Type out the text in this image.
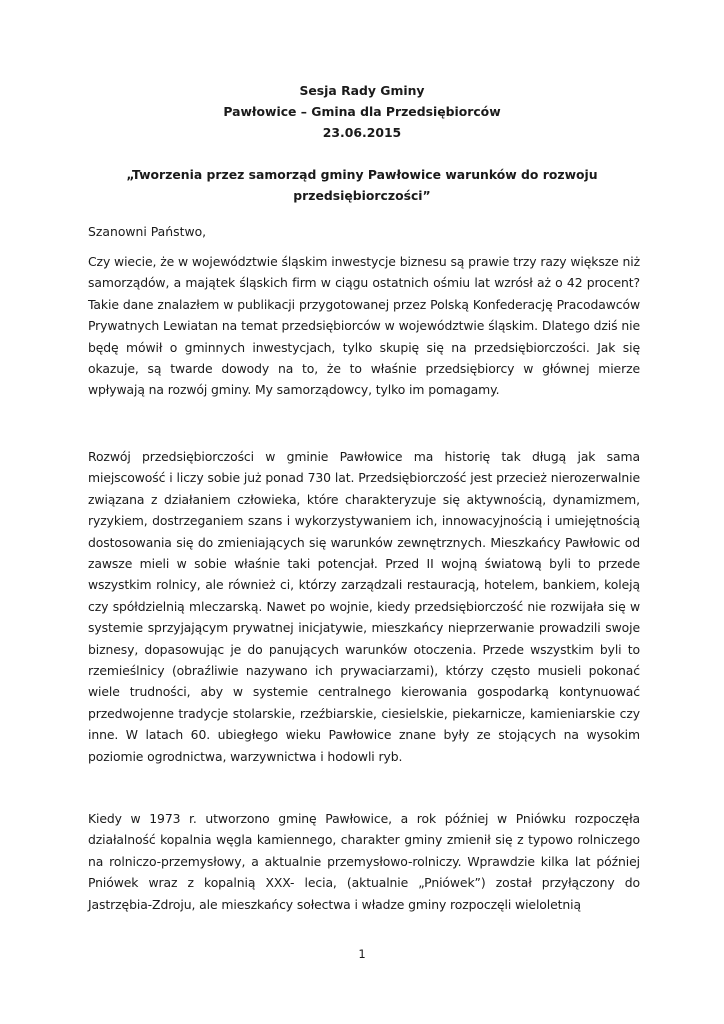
Sesja Rady Gminy
Pawłowice – Gmina dla Przedsiębiorców
23.06.2015
„Tworzenia przez samorząd gminy Pawłowice warunków do rozwoju
przedsiębiorczości”
Szanowni Państwo,

Czy wiecie, że w województwie śląskim inwestycje biznesu są prawie trzy razy większe niż samorządów, a majątek śląskich firm w ciągu ostatnich ośmiu lat wzrósł aż o 42 procent? Takie dane znalazłem w publikacji przygotowanej przez Polską Konfederację Pracodawców Prywatnych Lewiatan na temat przedsiębiorców w województwie śląskim. Dlatego dziś nie będę mówił o gminnych inwestycjach, tylko skupię się na przedsiębiorczości. Jak się okazuje, są twarde dowody na to, że to właśnie przedsiębiorcy w głównej mierze wpływają na rozwój gminy. My samorządowcy, tylko im pomagamy.

Rozwój przedsiębiorczości w gminie Pawłowice ma historię tak długą jak sama miejscowość i liczy sobie już ponad 730 lat. Przedsiębiorczość jest przecież nierozerwalnie związana z działaniem człowieka, które charakteryzuje się aktywnością, dynamizmem, ryzykiem, dostrzeganiem szans i wykorzystywaniem ich, innowacyjnością i umiejętnością dostosowania się do zmieniających się warunków zewnętrznych. Mieszkańcy Pawłowic od zawsze mieli w sobie właśnie taki potencjał. Przed II wojną światową byli to przede wszystkim rolnicy, ale również ci, którzy zarządzali restauracją, hotelem, bankiem, koleją czy spółdzielnią mleczarską. Nawet po wojnie, kiedy przedsiębiorczość nie rozwijała się w systemie sprzyjającym prywatnej inicjatywie, mieszkańcy nieprzerwanie prowadzili swoje biznesy, dopasowując je do panujących warunków otoczenia. Przede wszystkim byli to rzemieślnicy (obraźliwie nazywano ich prywaciarzami), którzy często musieli pokonać wiele trudności, aby w systemie centralnego kierowania gospodarką kontynuować przedwojenne tradycje stolarskie, rzeźbiarskie, ciesielskie, piekarnicze, kamieniarskie czy inne. W latach 60. ubiegłego wieku Pawłowice znane były ze stojących na wysokim poziomie ogrodnictwa, warzywnictwa i hodowli ryb.

Kiedy w 1973 r. utworzono gminę Pawłowice, a rok później w Pniówku rozpoczęła działalność kopalnia węgla kamiennego, charakter gminy zmienił się z typowo rolniczego na rolniczo-przemysłowy, a aktualnie przemysłowo-rolniczy. Wprawdzie kilka lat później Pniówek wraz z kopalnią XXX- lecia, (aktualnie „Pniówek”) został przyłączony do Jastrzębia-Zdroju, ale mieszkańcy sołectwa i władze gminy rozpoczęli wieloletnią

1
